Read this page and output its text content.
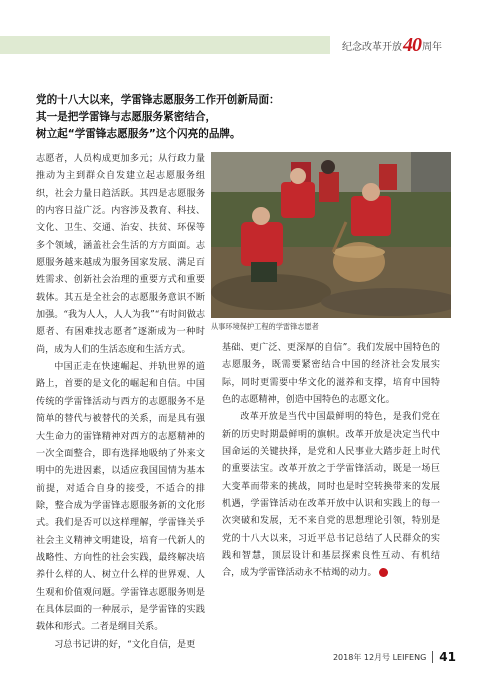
纪念改革开放 40 周年
党的十八大以来，学雷锋志愿服务工作开创新局面：
其一是把学雷锋与志愿服务紧密结合，
树立起“学雷锋志愿服务”这个闪亮的品牌。

志愿者，人员构成更加多元；从行政力量推动为主到群众自发建立起志愿服务组织，社会力量日趋活跃。其四是志愿服务的内容日益广泛。内容涉及教育、科技、文化、卫生、交通、治安、扶贫、环保等多个领域，涵盖社会生活的方方面面。志愿服务越来越成为服务国家发展、满足百姓需求、创新社会治理的重要方式和重要载体。其五是全社会的志愿服务意识不断加强。“我为人人，人人为我”“有时间做志愿者、有困难找志愿者”逐渐成为一种时尚，成为人们的生活态度和生活方式。

中国正走在快速崛起、并轨世界的道路上，首要的是文化的崛起和自信。中国传统的学雷锋活动与西方的志愿服务不是简单的替代与被替代的关系，而是具有强大生命力的雷锋精神对西方的志愿精神的一次全面整合，即有选择地吸纳了外来文明中的先进因素，以适应我国国情为基本前提，对适合自身的接受，不适合的排除，整合成为学雷锋志愿服务新的文化形式。我们是否可以这样理解，学雷锋关乎社会主义精神文明建设，培育一代新人的战略性、方向性的社会实践，最终解决培养什么样的人、树立什么样的世界观、人生观和价值观问题。学雷锋志愿服务则是在具体层面的一种展示，是学雷锋的实践载体和形式。二者是纲目关系。

习总书记讲的好，“文化自信，是更

从事环境保护工程的学雷锋志愿者

基础、更广泛、更深厚的自信”。我们发展中国特色的志愿服务，既需要紧密结合中国的经济社会发展实际，同时更需要中华文化的滋养和支撑，培育中国特色的志愿精神，创造中国特色的志愿文化。

改革开放是当代中国最鲜明的特色，是我们党在新的历史时期最鲜明的旗帜。改革开放是决定当代中国命运的关键抉择，是党和人民事业大踏步赶上时代的重要法宝。改革开放之于学雷锋活动，既是一场巨大变革而带来的挑战，同时也是时空转换带来的发展机遇，学雷锋活动在改革开放中认识和实践上的每一次突破和发展，无不来自党的思想理论引领，特别是党的十八大以来，习近平总书记总结了人民群众的实践和智慧，顶层设计和基层探索良性互动、有机结合，成为学雷锋活动永不枯竭的动力。

2018年 12月号 LEIFENG 41
